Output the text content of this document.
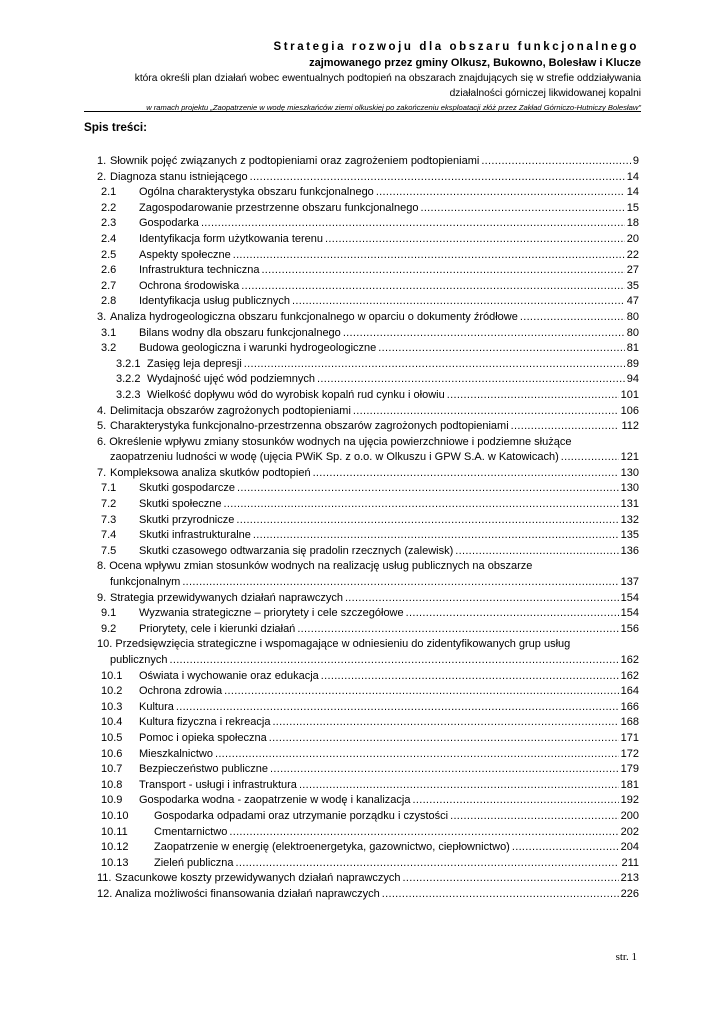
Strategia rozwoju dla obszaru funkcjonalnego
zajmowanego przez gminy Olkusz, Bukowno, Bolesław i Klucze
która określi plan działań wobec ewentualnych podtopień na obszarach znajdujących się w strefie oddziaływania
działalności górniczej likwidowanej kopalni
w ramach projektu „Zaopatrzenie w wodę mieszkańców ziemi olkuskiej po zakończeniu eksploatacji złóż przez Zakład Górniczo-Hutniczy Bolesław"
Spis treści:
1. Słownik pojęć związanych z podtopieniami oraz zagrożeniem podtopieniami .....	9
2. Diagnoza stanu istniejącego .....	14
2.1	Ogólna charakterystyka obszaru funkcjonalnego .....	14
2.2	Zagospodarowanie przestrzenne obszaru funkcjonalnego .....	15
2.3	Gospodarka .....	18
2.4	Identyfikacja form użytkowania terenu .....	20
2.5	Aspekty społeczne .....	22
2.6	Infrastruktura techniczna .....	27
2.7	Ochrona środowiska .....	35
2.8	Identyfikacja usług publicznych .....	47
3. Analiza hydrogeologiczna obszaru funkcjonalnego w oparciu o dokumenty źródłowe .....	80
3.1	Bilans wodny dla obszaru funkcjonalnego .....	80
3.2	Budowa geologiczna i warunki hydrogeologiczne .....	81
3.2.1 Zasięg leja depresji .....	89
3.2.2 Wydajność ujęć wód podziemnych .....	94
3.2.3 Wielkość dopływu wód do wyrobisk kopalń rud cynku i ołowiu .....	101
4. Delimitacja obszarów zagrożonych podtopieniami .....	106
5. Charakterystyka funkcjonalno-przestrzenna obszarów zagrożonych podtopieniami .....	112
6. Określenie wpływu zmiany stosunków wodnych na ujęcia powierzchniowe i podziemne służące
zaopatrzeniu ludności w wodę (ujęcia PWiK Sp. z o.o. w Olkuszu i GPW S.A. w Katowicach) .....	121
7. Kompleksowa analiza skutków podtopień .....	130
7.1	Skutki gospodarcze .....	130
7.2	Skutki społeczne .....	131
7.3	Skutki przyrodnicze .....	132
7.4	Skutki infrastrukturalne .....	135
7.5	Skutki czasowego odtwarzania się pradolin rzecznych (zalewisk) .....	136
8. Ocena wpływu zmian stosunków wodnych na realizację usług publicznych na obszarze
funkcjonalnym .....	137
9. Strategia przewidywanych działań naprawczych .....	154
9.1	Wyzwania strategiczne – priorytety i cele szczegółowe .....	154
9.2	Priorytety, cele i kierunki działań .....	156
10. Przedsięwzięcia strategiczne i wspomagające w odniesieniu do zidentyfikowanych grup usług
publicznych .....	162
10.1	Oświata i wychowanie oraz edukacja .....	162
10.2	Ochrona zdrowia .....	164
10.3	Kultura .....	166
10.4	Kultura fizyczna i rekreacja .....	168
10.5	Pomoc i opieka społeczna .....	171
10.6	Mieszkalnictwo .....	172
10.7	Bezpieczeństwo publiczne .....	179
10.8	Transport - usługi i infrastruktura .....	181
10.9	Gospodarka wodna - zaopatrzenie w wodę i kanalizacja .....	192
10.10	Gospodarka odpadami oraz utrzymanie porządku i czystości .....	200
10.11	Cmentarnictwo .....	202
10.12	Zaopatrzenie w energię (elektroenergetyka, gazownictwo, ciepłownictwo) .....	204
10.13	Zieleń publiczna .....	211
11. Szacunkowe koszty przewidywanych działań naprawczych .....	213
12. Analiza możliwości finansowania działań naprawczych .....	226
str. 1
